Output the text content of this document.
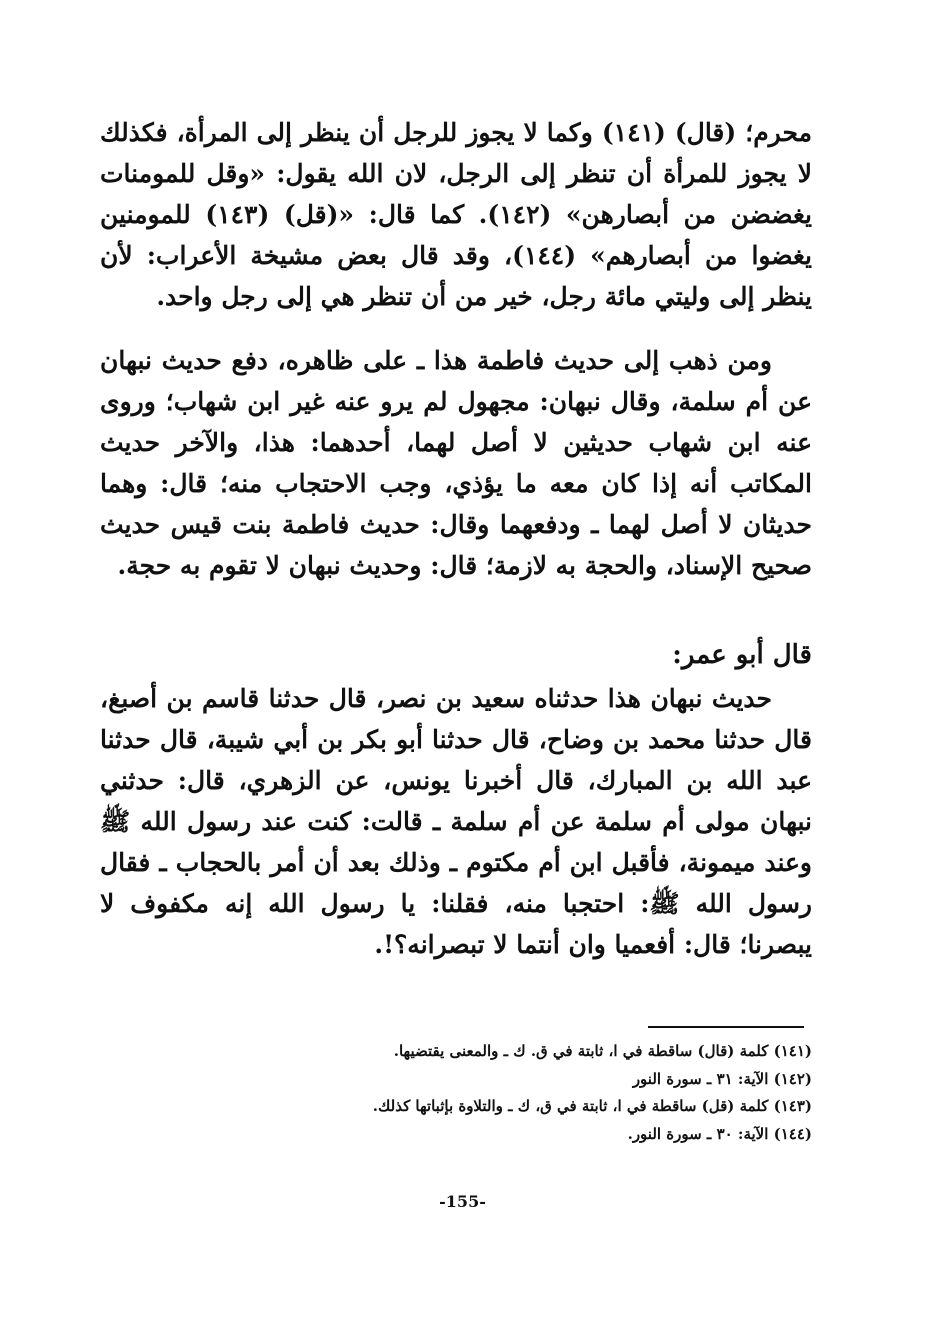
محرم؛ (قال) (١٤١) وكما لا يجوز للرجل أن ينظر إلى المرأة، فكذلك لا يجوز للمرأة أن تنظر إلى الرجل، لان الله يقول: «وقل للمومنات يغضضن من أبصارهن» (١٤٢). كما قال: «(قل) (١٤٣) للمومنين يغضوا من أبصارهم» (١٤٤)، وقد قال بعض مشيخة الأعراب: لأن ينظر إلى وليتي مائة رجل، خير من أن تنظر هي إلى رجل واحد.
ومن ذهب إلى حديث فاطمة هذا ـ على ظاهره، دفع حديث نبهان عن أم سلمة، وقال نبهان: مجهول لم يرو عنه غير ابن شهاب؛ وروى عنه ابن شهاب حديثين لا أصل لهما، أحدهما: هذا، والآخر حديث المكاتب أنه إذا كان معه ما يؤذي، وجب الاحتجاب منه؛ قال: وهما حديثان لا أصل لهما ـ ودفعهما وقال: حديث فاطمة بنت قيس حديث صحيح الإسناد، والحجة به لازمة؛ قال: وحديث نبهان لا تقوم به حجة.
قال أبو عمر:
حديث نبهان هذا حدثناه سعيد بن نصر، قال حدثنا قاسم بن أصبغ، قال حدثنا محمد بن وضاح، قال حدثنا أبو بكر بن أبي شيبة، قال حدثنا عبد الله بن المبارك، قال أخبرنا يونس، عن الزهري، قال: حدثني نبهان مولى أم سلمة عن أم سلمة ـ قالت: كنت عند رسول الله ﷺ وعند ميمونة، فأقبل ابن أم مكتوم ـ وذلك بعد أن أمر بالحجاب ـ فقال رسول الله ﷺ: احتجبا منه، فقلنا: يا رسول الله إنه مكفوف لا يبصرنا؛ قال: أفعميا وان أنتما لا تبصرانه؟!.
(١٤١) كلمة (قال) ساقطة في ا، ثابتة في ق. ك ـ والمعنى يقتضيها.
(١٤٢) الآية: ٣١ ـ سورة النور
(١٤٣) كلمة (قل) ساقطة في ا، ثابتة في ق، ك ـ والتلاوة بإثباتها كذلك.
(١٤٤) الآية: ٣٠ ـ سورة النور.
-155-
